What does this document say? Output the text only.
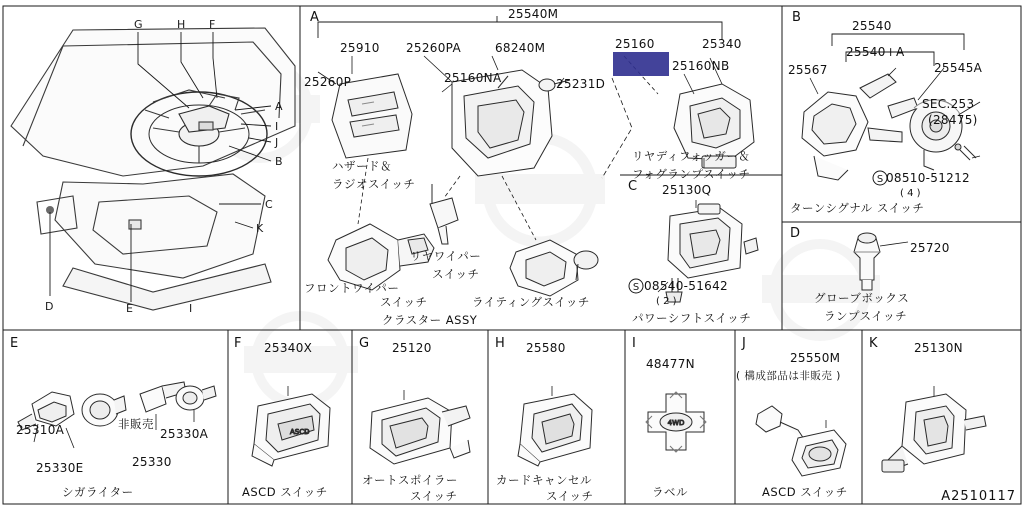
A	B
C
D
E	F	G	H	I	J	K
G	H F
A
I
J
B
C
K
D	E	I
25540M
25910 25260PA	68240M	25160	25340
25260P	25160NA	25231D
25160NB
ハザード＆
ラジオスイッチ
リヤディフォッガー＆
フォグランプスイッチ
リヤワイパー
スイッチ
フロントワイパー
スイッチ	ライティングスイッチ
クラスター ASSY
25540
25540+A
25545A
25567
SEC.253
(28475)
08510-51212
( 4 )
S
ターンシグナル スイッチ
25130Q
S 08540-51642
( 2 )
パワーシフトスイッチ
25720
グローブボックス
ランプスイッチ
25310A
25330E
非販売
25330
25330A
シガライター
ASCD
25340X
ASCD スイッチ
25120
オートスポイラー
スイッチ
25580
カードキャンセル
スイッチ
4WD
48477N
ラベル
25550M
( 構成部品は非販売 )
ASCD スイッチ
25130N
A2510117
